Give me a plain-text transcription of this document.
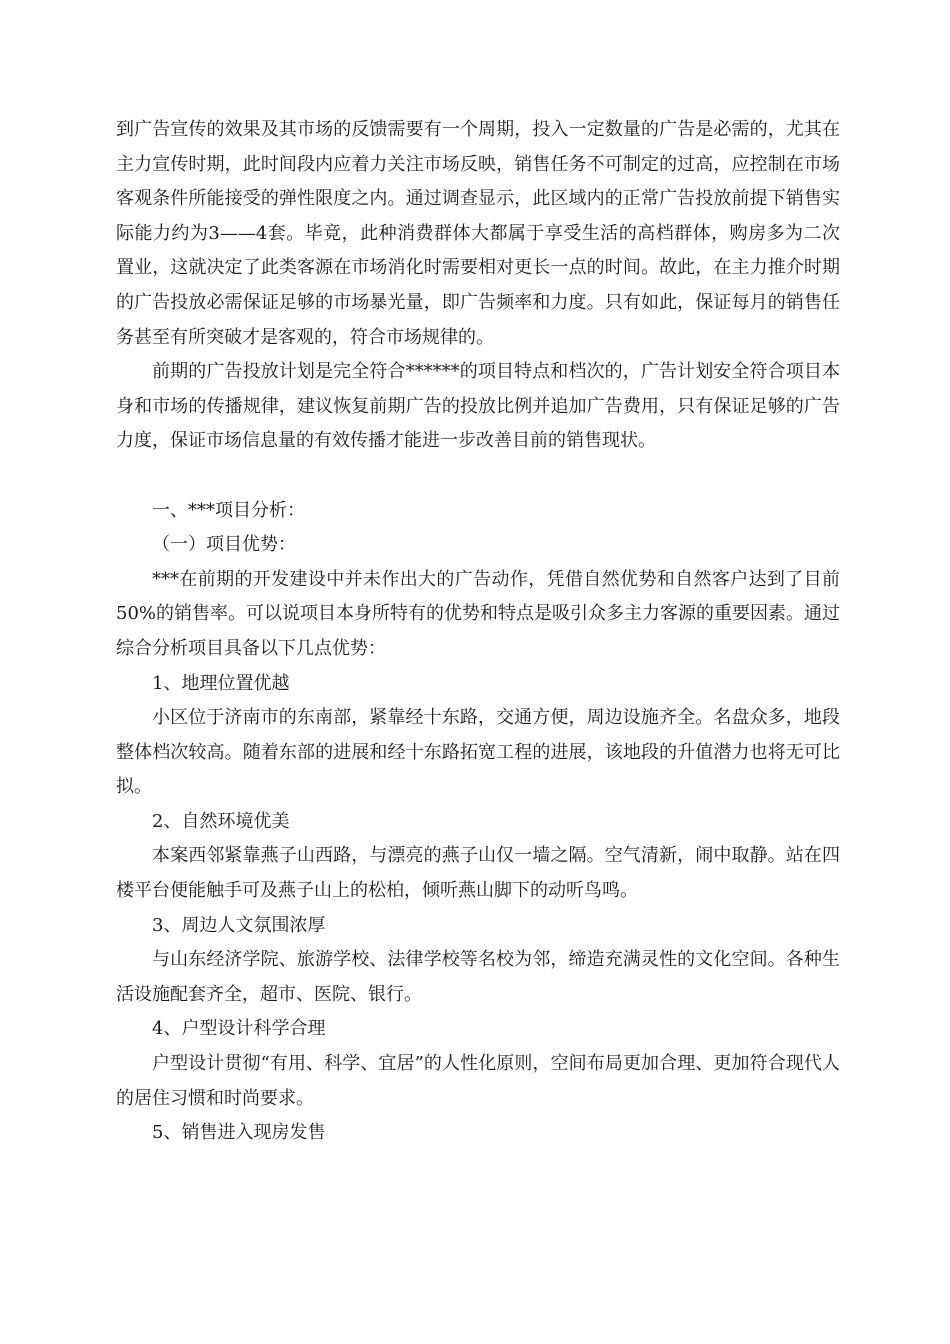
到广告宣传的效果及其市场的反馈需要有一个周期，投入一定数量的广告是必需的，尤其在主力宣传时期，此时间段内应着力关注市场反映，销售任务不可制定的过高，应控制在市场客观条件所能接受的弹性限度之内。通过调查显示，此区域内的正常广告投放前提下销售实际能力约为3——4套。毕竟，此种消费群体大都属于享受生活的高档群体，购房多为二次置业，这就决定了此类客源在市场消化时需要相对更长一点的时间。故此，在主力推介时期的广告投放必需保证足够的市场暴光量，即广告频率和力度。只有如此，保证每月的销售任务甚至有所突破才是客观的，符合市场规律的。

前期的广告投放计划是完全符合******的项目特点和档次的，广告计划安全符合项目本身和市场的传播规律，建议恢复前期广告的投放比例并追加广告费用，只有保证足够的广告力度，保证市场信息量的有效传播才能进一步改善目前的销售现状。

一、***项目分析：

（一）项目优势：

***在前期的开发建设中并未作出大的广告动作，凭借自然优势和自然客户达到了目前50%的销售率。可以说项目本身所特有的优势和特点是吸引众多主力客源的重要因素。通过综合分析项目具备以下几点优势：

1、地理位置优越

小区位于济南市的东南部，紧靠经十东路，交通方便，周边设施齐全。名盘众多，地段整体档次较高。随着东部的进展和经十东路拓宽工程的进展，该地段的升值潜力也将无可比拟。

2、自然环境优美

本案西邻紧靠燕子山西路，与漂亮的燕子山仅一墙之隔。空气清新，闹中取静。站在四楼平台便能触手可及燕子山上的松柏，倾听燕山脚下的动听鸟鸣。

3、周边人文氛围浓厚

与山东经济学院、旅游学校、法律学校等名校为邻，缔造充满灵性的文化空间。各种生活设施配套齐全，超市、医院、银行。

4、户型设计科学合理

户型设计贯彻“有用、科学、宜居”的人性化原则，空间布局更加合理、更加符合现代人的居住习惯和时尚要求。

5、销售进入现房发售
